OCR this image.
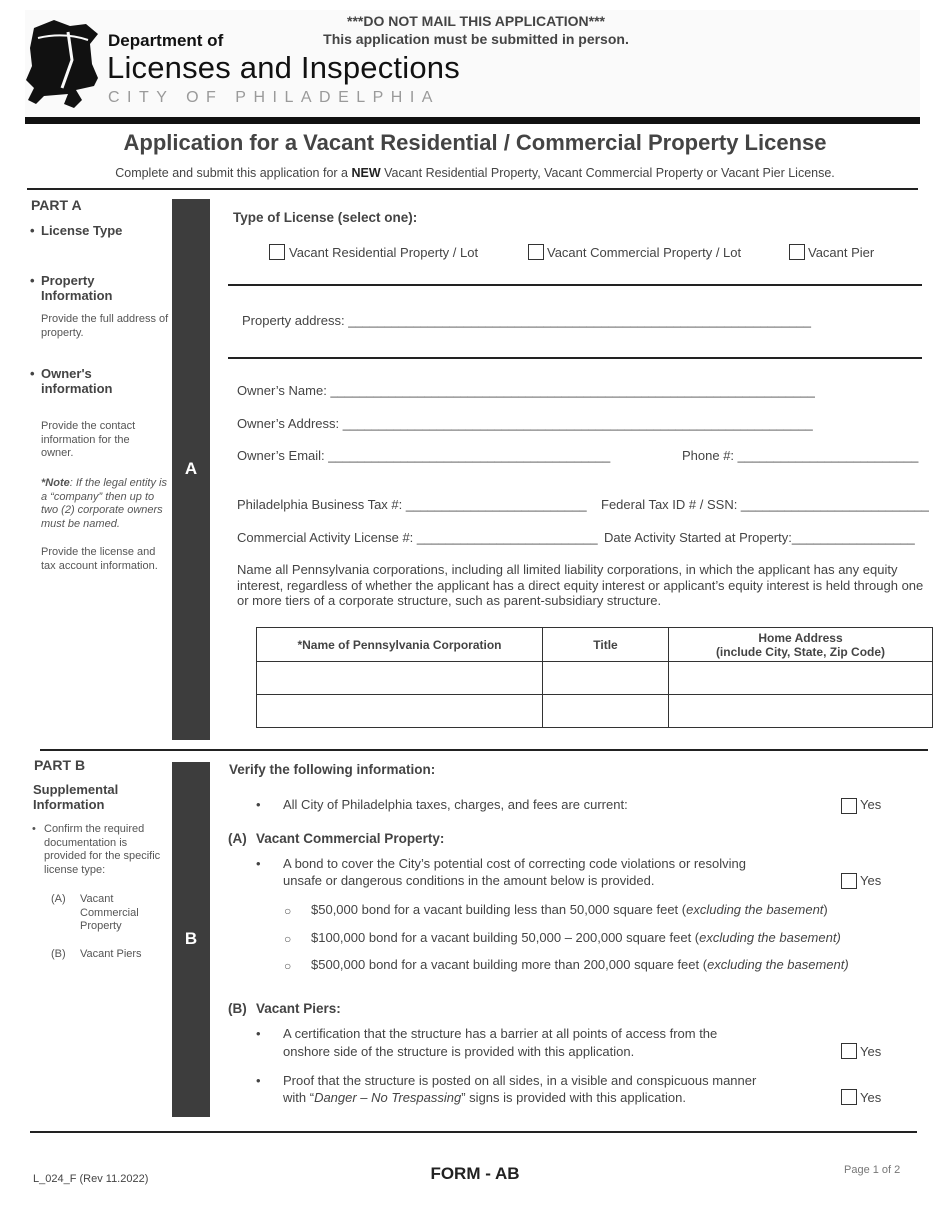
Department of
Licenses and Inspections
CITY OF PHILADELPHIA
***DO NOT MAIL THIS APPLICATION***
This application must be submitted in person.
Application for a Vacant Residential / Commercial Property License
Complete and submit this application for a NEW Vacant Residential Property, Vacant Commercial Property or Vacant Pier License.
PART A
• License Type
• Property Information
Provide the full address of property.
• Owner's information
Provide the contact information for the owner.
*Note: If the legal entity is a “company” then up to two (2) corporate owners must be named.
Provide the license and tax account information.
A
Type of License (select one):
Vacant Residential Property / Lot	Vacant Commercial Property / Lot	Vacant Pier
Property address: ________________________________________________________________
Owner’s Name: ___________________________________________________________________
Owner’s Address: _________________________________________________________________
Owner’s Email: _______________________________________	Phone #: _________________________
Philadelphia Business Tax #: _________________________ Federal Tax ID # / SSN: __________________________
Commercial Activity License #: _________________________ Date Activity Started at Property:_________________
Name all Pennsylvania corporations, including all limited liability corporations, in which the applicant has any equity interest, regardless of whether the applicant has a direct equity interest or applicant’s equity interest is held through one or more tiers of a corporate structure, such as parent-subsidiary structure.
*Name of Pennsylvania Corporation	Title	Home Address
(include City, State, Zip Code)

PART B
Supplemental Information
• Confirm the required documentation is provided for the specific license type:
(A) Vacant Commercial Property
(B) Vacant Piers
B
Verify the following information:
• All City of Philadelphia taxes, charges, and fees are current:	Yes
(A) Vacant Commercial Property:
• A bond to cover the City’s potential cost of correcting code violations or resolving
unsafe or dangerous conditions in the amount below is provided.	Yes
○ $50,000 bond for a vacant building less than 50,000 square feet (excluding the basement)
○ $100,000 bond for a vacant building 50,000 – 200,000 square feet (excluding the basement)
○ $500,000 bond for a vacant building more than 200,000 square feet (excluding the basement)
(B) Vacant Piers:
• A certification that the structure has a barrier at all points of access from the
onshore side of the structure is provided with this application.	Yes
• Proof that the structure is posted on all sides, in a visible and conspicuous manner
with “Danger – No Trespassing” signs is provided with this application.	Yes
L_024_F (Rev 11.2022)	FORM - AB	Page 1 of 2
